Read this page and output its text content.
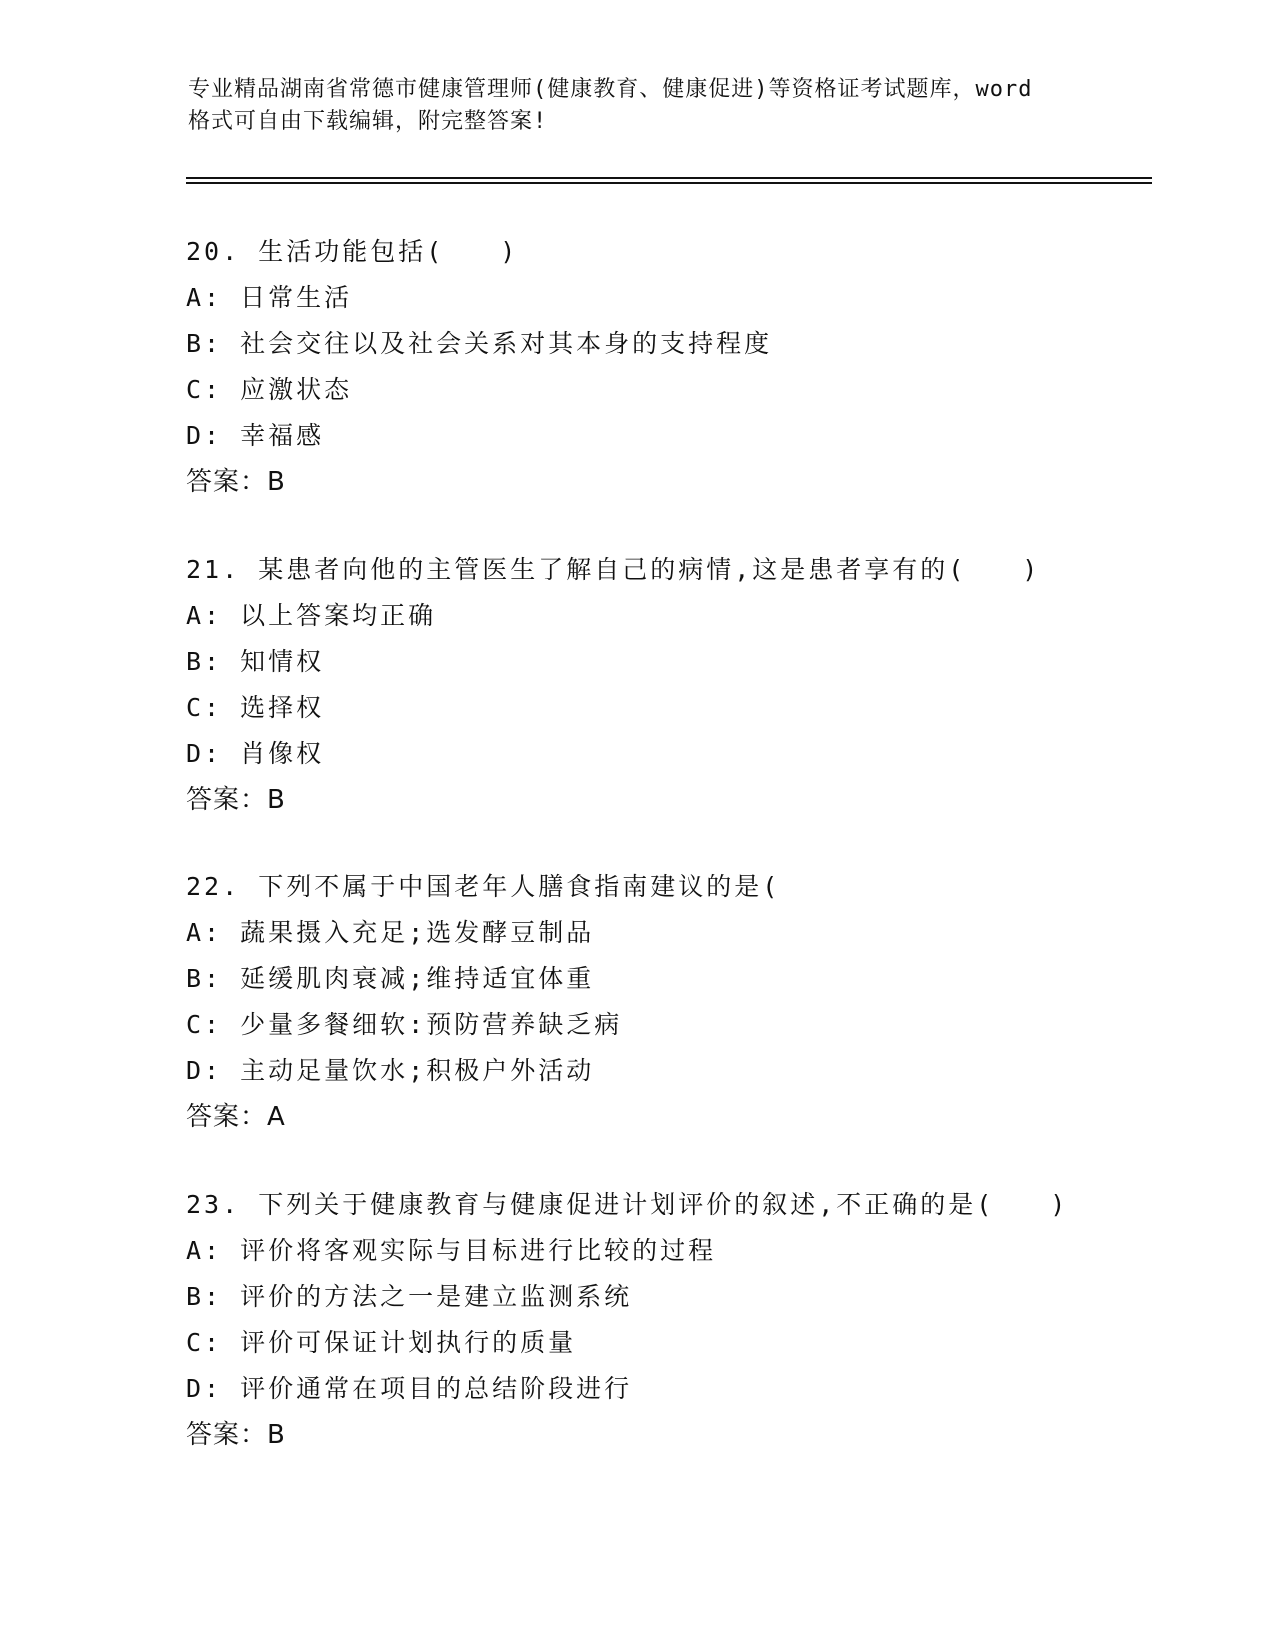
专业精品湖南省常德市健康管理师(健康教育、健康促进)等资格证考试题库，word
格式可自由下载编辑，附完整答案!
20. 生活功能包括(　　)
A: 日常生活
B: 社会交往以及社会关系对其本身的支持程度
C: 应激状态
D: 幸福感
答案：B
21. 某患者向他的主管医生了解自己的病情,这是患者享有的(　　)
A: 以上答案均正确
B: 知情权
C: 选择权
D: 肖像权
答案：B
22. 下列不属于中国老年人膳食指南建议的是(
A: 蔬果摄入充足;选发酵豆制品
B: 延缓肌肉衰减;维持适宜体重
C: 少量多餐细软:预防营养缺乏病
D: 主动足量饮水;积极户外活动
答案：A
23. 下列关于健康教育与健康促进计划评价的叙述,不正确的是(　　)
A: 评价将客观实际与目标进行比较的过程
B: 评价的方法之一是建立监测系统
C: 评价可保证计划执行的质量
D: 评价通常在项目的总结阶段进行
答案：B
